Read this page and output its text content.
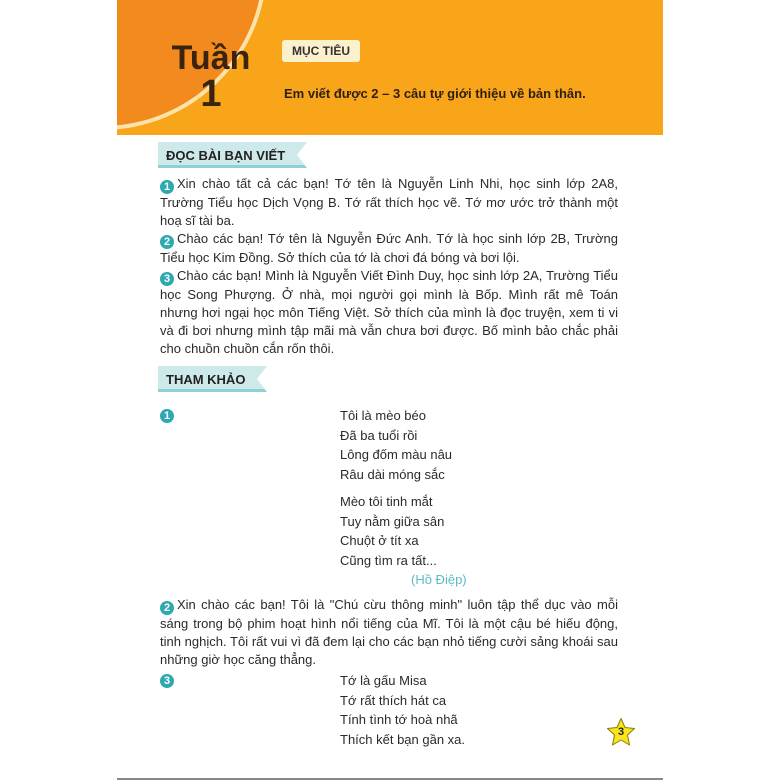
Tuần
1
MỤC TIÊU
Em viết được 2 – 3 câu tự giới thiệu về bản thân.
ĐỌC BÀI BẠN VIẾT
1 Xin chào tất cả các bạn! Tớ tên là Nguyễn Linh Nhi, học sinh lớp 2A8, Trường Tiểu học Dịch Vọng B. Tớ rất thích học vẽ. Tớ mơ ước trở thành một hoạ sĩ tài ba.
2 Chào các bạn! Tớ tên là Nguyễn Đức Anh. Tớ là học sinh lớp 2B, Trường Tiểu học Kim Đồng. Sở thích của tớ là chơi đá bóng và bơi lội.
3 Chào các bạn! Mình là Nguyễn Viết Đình Duy, học sinh lớp 2A, Trường Tiểu học Song Phượng. Ở nhà, mọi người gọi mình là Bốp. Mình rất mê Toán nhưng hơi ngại học môn Tiếng Việt. Sở thích của mình là đọc truyện, xem ti vi và đi bơi nhưng mình tập mãi mà vẫn chưa bơi được. Bố mình bảo chắc phải cho chuồn chuồn cắn rốn thôi.
THAM KHẢO
1	Tôi là mèo béo
Đã ba tuổi rồi
Lông đốm màu nâu
Râu dài móng sắc
Mèo tôi tinh mắt
Tuy nằm giữa sân
Chuột ở tít xa
Cũng tìm ra tất...
(Hồ Điệp)
2 Xin chào các bạn! Tôi là "Chú cừu thông minh" luôn tập thể dục vào mỗi sáng trong bộ phim hoạt hình nổi tiếng của Mĩ. Tôi là một cậu bé hiếu động, tinh nghịch. Tôi rất vui vì đã đem lại cho các bạn nhỏ tiếng cười sảng khoái sau những giờ học căng thẳng.
3	Tớ là gấu Misa
Tớ rất thích hát ca
Tính tình tớ hoà nhã
Thích kết bạn gần xa.	3
